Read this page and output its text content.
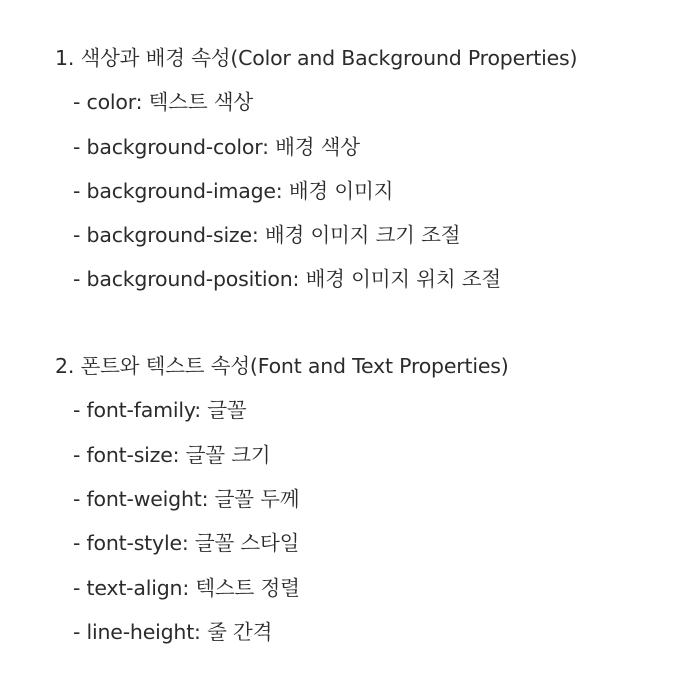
1. 색상과 배경 속성(Color and Background Properties)
- color: 텍스트 색상
- background-color: 배경 색상
- background-image: 배경 이미지
- background-size: 배경 이미지 크기 조절
- background-position: 배경 이미지 위치 조절
2. 폰트와 텍스트 속성(Font and Text Properties)
- font-family: 글꼴
- font-size: 글꼴 크기
- font-weight: 글꼴 두께
- font-style: 글꼴 스타일
- text-align: 텍스트 정렬
- line-height: 줄 간격
